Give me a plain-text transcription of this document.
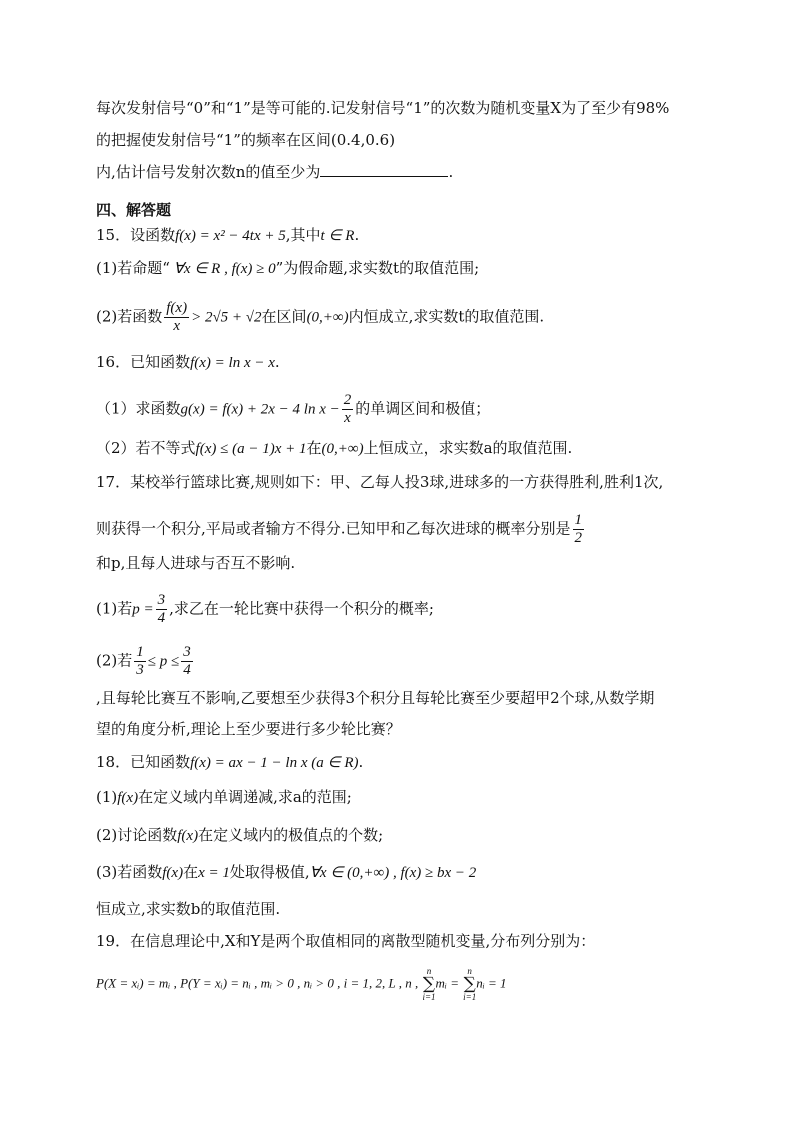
每次发射信号“0”和“1”是等可能的.记发射信号“1”的次数为随机变量X为了至少有98%
的把握使发射信号“1”的频率在区间(0.4,0.6)
内,估计信号发射次数n的值至少为	.
四、解答题
15．设函数f(x) = x² − 4tx + 5,其中t ∈ R.
(1)若命题“ ∀x ∈ R , f(x) ≥ 0”为假命题,求实数t的取值范围;
(2)若函数 $\frac{f(x)}{x} > 2√5 + √2$在区间(0,+∞)内恒成立,求实数t的取值范围.
16．已知函数f(x) = ln x − x.
（1）求函数g(x) = f(x) + 2x − 4 $\ln x - \frac{2}{x}$ 的单调区间和极值；
（2）若不等式f(x) ≤ (a − 1)x + 1在(0,+∞)上恒成立，求实数a的取值范围.
17．某校举行篮球比赛,规则如下：甲、乙每人投3球,进球多的一方获得胜利,胜利1次,
则获得一个积分,平局或者输方不得分.已知甲和乙每次进球的概率分别是 $\frac{1}{2}$
和p,且每人进球与否互不影响.
(1)若$p = \frac{3}{4}$ ,求乙在一轮比赛中获得一个积分的概率;
(2)若 $\frac{1}{3} \le p \le \frac{3}{4}$
,且每轮比赛互不影响,乙要想至少获得3个积分且每轮比赛至少要超甲2个球,从数学期
望的角度分析,理论上至少要进行多少轮比赛？
18．已知函数f(x) = ax − 1 − ln x (a ∈ R).
(1)f(x)在定义域内单调递减,求a的范围;
(2)讨论函数f(x)在定义域内的极值点的个数;
(3)若函数f(x)在x = 1处取得极值,∀x ∈ (0,+∞) , f(x) ≥ bx − 2
恒成立,求实数b的取值范围.
19．在信息理论中,X和Y是两个取值相同的离散型随机变量,分布列分别为：
P(X = xᵢ) = mᵢ , P(Y = xᵢ) = nᵢ , mᵢ > 0 , nᵢ > 0 , i = 1, 2, L , n ,
n
∑
i=1
mᵢ =
n
∑
i=1
nᵢ = 1
